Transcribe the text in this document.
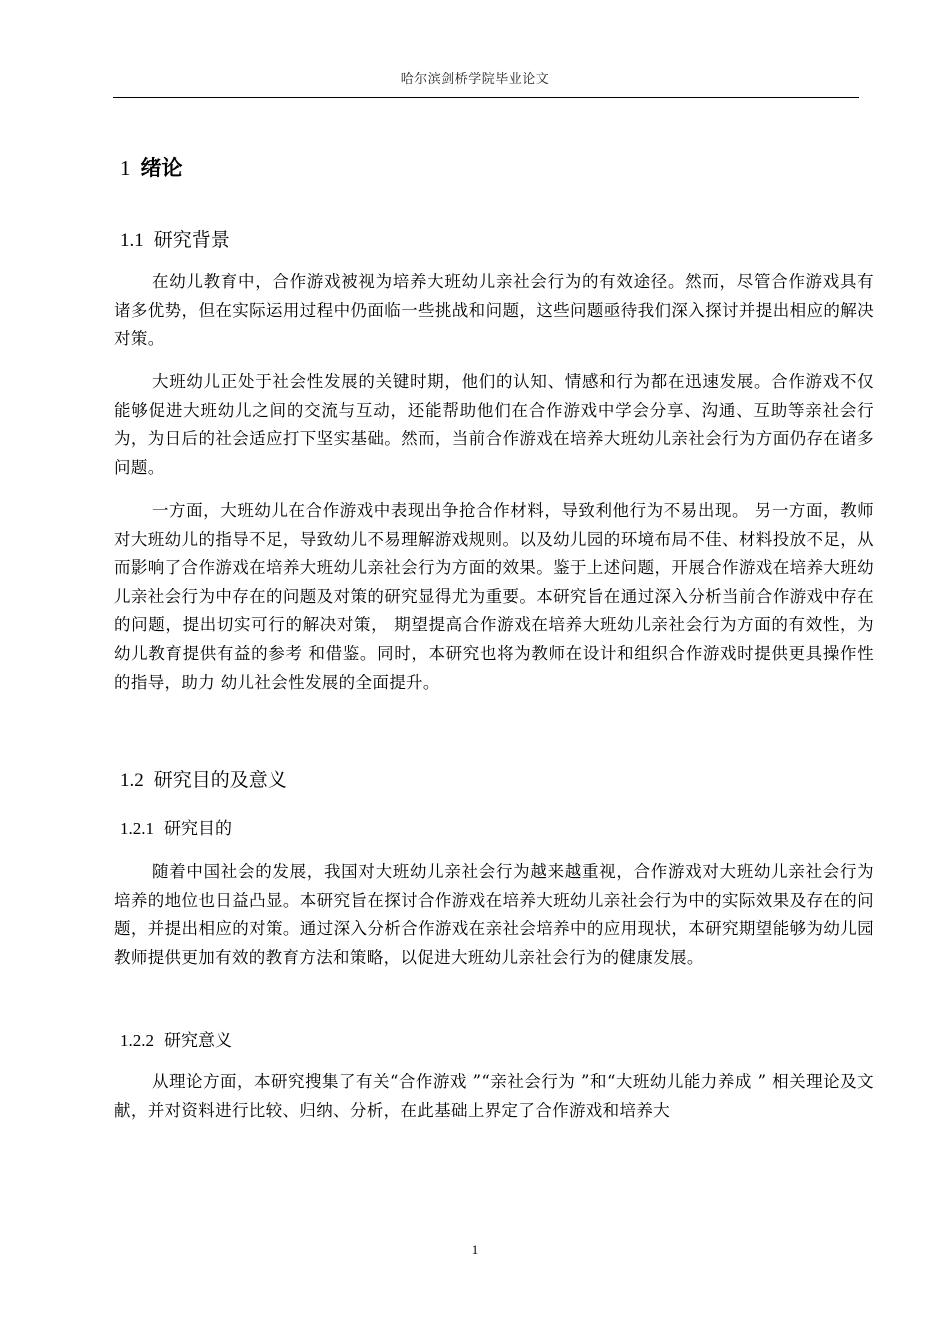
哈尔滨剑桥学院毕业论文
1 绪论
1.1 研究背景

在幼儿教育中，合作游戏被视为培养大班幼儿亲社会行为的有效途径。然而，尽管合作游戏具有诸多优势，但在实际运用过程中仍面临一些挑战和问题，这些问题亟待我们深入探讨并提出相应的解决对策。

大班幼儿正处于社会性发展的关键时期，他们的认知、情感和行为都在迅速发展。合作游戏不仅能够促进大班幼儿之间的交流与互动，还能帮助他们在合作游戏中学会分享、沟通、互助等亲社会行为，为日后的社会适应打下坚实基础。然而，当前合作游戏在培养大班幼儿亲社会行为方面仍存在诸多问题。

一方面，大班幼儿在合作游戏中表现出争抢合作材料，导致利他行为不易出现。 另一方面，教师对大班幼儿的指导不足，导致幼儿不易理解游戏规则。以及幼儿园的环境布局不佳、材料投放不足，从而影响了合作游戏在培养大班幼儿亲社会行为方面的效果。鉴于上述问题，开展合作游戏在培养大班幼儿亲社会行为中存在的问题及对策的研究显得尤为重要。本研究旨在通过深入分析当前合作游戏中存在的问题，提出切实可行的解决对策， 期望提高合作游戏在培养大班幼儿亲社会行为方面的有效性，为幼儿教育提供有益的参考 和借鉴。同时，本研究也将为教师在设计和组织合作游戏时提供更具操作性的指导，助力 幼儿社会性发展的全面提升。

1.2 研究目的及意义
1.2.1 研究目的

随着中国社会的发展，我国对大班幼儿亲社会行为越来越重视，合作游戏对大班幼儿亲社会行为培养的地位也日益凸显。本研究旨在探讨合作游戏在培养大班幼儿亲社会行为中的实际效果及存在的问题，并提出相应的对策。通过深入分析合作游戏在亲社会培养中的应用现状，本研究期望能够为幼儿园教师提供更加有效的教育方法和策略，以促进大班幼儿亲社会行为的健康发展。

1.2.2 研究意义

从理论方面，本研究搜集了有关“合作游戏 ”“亲社会行为 ”和“大班幼儿能力养成 ” 相关理论及文献，并对资料进行比较、归纳、分析，在此基础上界定了合作游戏和培养大

1
